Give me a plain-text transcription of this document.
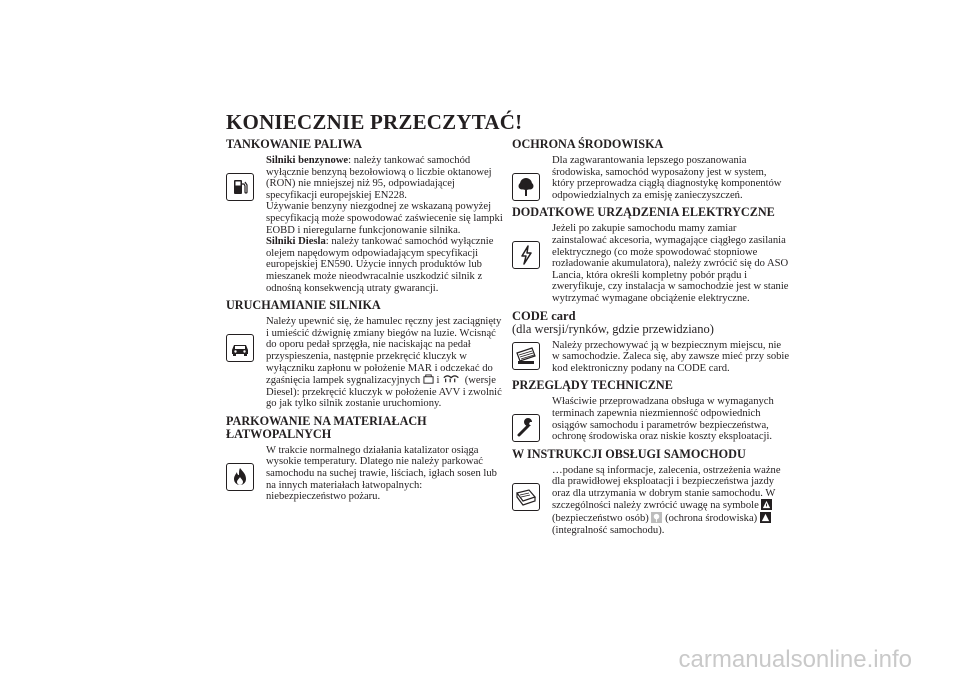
KONIECZNIE PRZECZYTAĆ!
TANKOWANIE PALIWA

Silniki benzynowe: należy tankować samochód wyłącznie benzyną bezołowiową o liczbie oktanowej (RON) nie mniejszej niż 95, odpowiadającej specyfikacji europejskiej EN228.

Używanie benzyny niezgodnej ze wskazaną powyżej specyfikacją może spowodować zaświecenie się lampki EOBD i nieregularne funkcjonowanie silnika.

Silniki Diesla: należy tankować samochód wyłącznie olejem napędowym odpowiadającym specyfikacji europejskiej EN590. Użycie innych produktów lub mieszanek może nieodwracalnie uszkodzić silnik z odnośną konsekwencją utraty gwarancji.

URUCHAMIANIE SILNIKA

Należy upewnić się, że hamulec ręczny jest zaciągnięty i umieścić dźwignię zmiany biegów na luzie. Wcisnąć do oporu pedał sprzęgła, nie naciskając na pedał przyspieszenia, następnie przekręcić kluczyk w wyłączniku zapłonu w położenie MAR i odczekać do zgaśnięcia lampek sygnalizacyjnych i (wersje Diesel): przekręcić kluczyk w położenie AVV i zwolnić go jak tylko silnik zostanie uruchomiony.

PARKOWANIE NA MATERIAŁACH ŁATWOPALNYCH
W trakcie normalnego działania katalizator osiąga wysokie temperatury. Dlatego nie należy parkować samochodu na suchej trawie, liściach, igłach sosen lub na innych materiałach łatwopalnych: niebezpieczeństwo pożaru.
OCHRONA ŚRODOWISKA
Dla zagwarantowania lepszego poszanowania środowiska, samochód wyposażony jest w system, który przeprowadza ciągłą diagnostykę komponentów odpowiedzialnych za emisję zanieczyszczeń.
DODATKOWE URZĄDZENIA ELEKTRYCZNE
Jeżeli po zakupie samochodu mamy zamiar zainstalować akcesoria, wymagające ciągłego zasilania elektrycznego (co może spowodować stopniowe rozładowanie akumulatora), należy zwrócić się do ASO Lancia, która określi kompletny pobór prądu i zweryfikuje, czy instalacja w samochodzie jest w stanie wytrzymać wymagane obciążenie elektryczne.
CODE card
(dla wersji/rynków, gdzie przewidziano)
Należy przechowywać ją w bezpiecznym miejscu, nie w samochodzie. Zaleca się, aby zawsze mieć przy sobie kod elektroniczny podany na CODE card.
PRZEGLĄDY TECHNICZNE
Właściwie przeprowadzana obsługa w wymaganych terminach zapewnia niezmienność odpowiednich osiągów samochodu i parametrów bezpieczeństwa, ochronę środowiska oraz niskie koszty eksploatacji.
W INSTRUKCJI OBSŁUGI SAMOCHODU

…podane są informacje, zalecenia, ostrzeżenia ważne dla prawidłowej eksploatacji i bezpieczeństwa jazdy oraz dla utrzymania w dobrym stanie samochodu. W szczególności należy zwrócić uwagę na symbole  (bezpieczeństwo osób) (ochrona środowiska)  (integralność samochodu).

carmanualsonline.info
